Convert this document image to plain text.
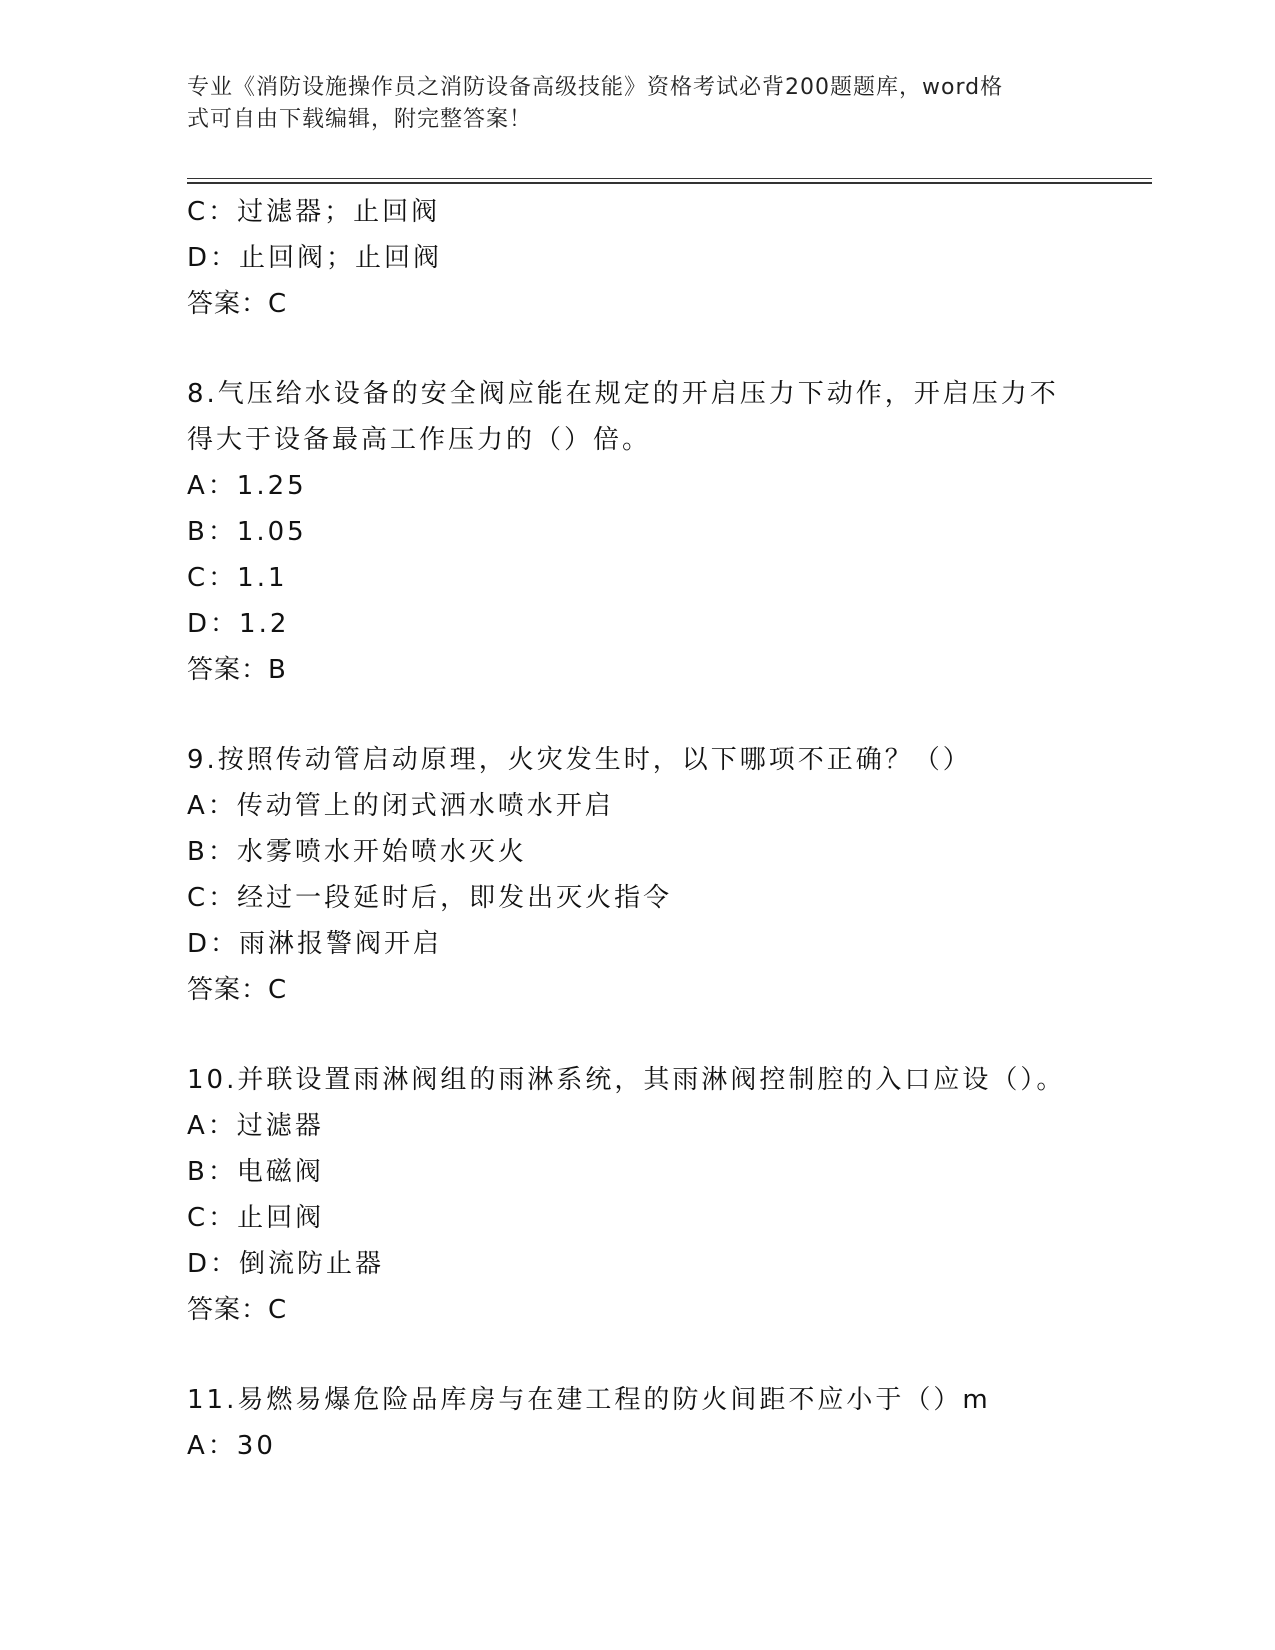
专业《消防设施操作员之消防设备高级技能》资格考试必背200题题库，word格

式可自由下载编辑，附完整答案！

C：过滤器；止回阀
D：止回阀；止回阀
答案：C
8.气压给水设备的安全阀应能在规定的开启压力下动作，开启压力不
得大于设备最高工作压力的（）倍。
A：1.25
B：1.05
C：1.1
D：1.2
答案：B
9.按照传动管启动原理，火灾发生时，以下哪项不正确？（）
A：传动管上的闭式洒水喷水开启
B：水雾喷水开始喷水灭火
C：经过一段延时后，即发出灭火指令
D：雨淋报警阀开启
答案：C
10.并联设置雨淋阀组的雨淋系统，其雨淋阀控制腔的入口应设（）。
A：过滤器
B：电磁阀
C：止回阀
D：倒流防止器
答案：C
11.易燃易爆危险品库房与在建工程的防火间距不应小于（）m
A：30
